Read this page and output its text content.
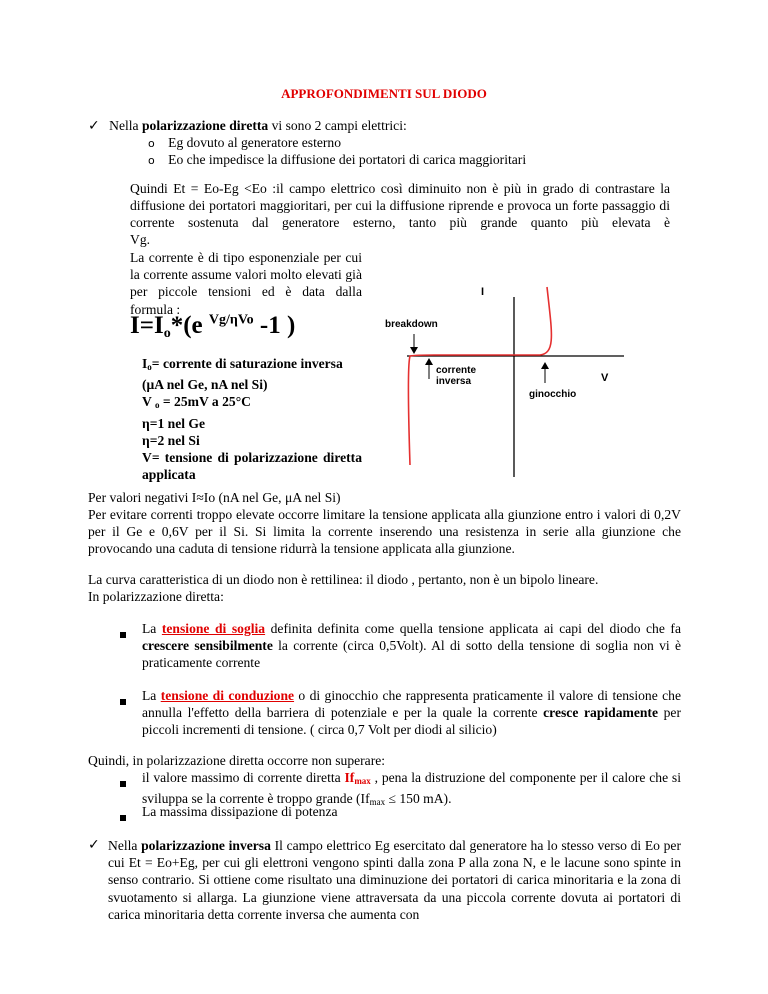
APPROFONDIMENTI SUL DIODO
✓ Nella polarizzazione diretta vi sono 2 campi elettrici:
o Eg dovuto al generatore esterno
o Eo che impedisce la diffusione dei portatori di carica maggioritari

Quindi Et = Eo-Eg <Eo :il campo elettrico così diminuito non è più in grado di contrastare la diffusione dei portatori maggioritari, per cui la diffusione riprende e provoca un forte passaggio di corrente sostenuta dal generatore esterno, tanto più grande quanto più elevata è

Vg.

La corrente è di tipo esponenziale per cui la corrente assume valori molto elevati già per piccole tensioni ed è data dalla formula :

I=Io*(e $^{Vg/\eta Vo}$ -1 )
$I_o=$ corrente di saturazione inversa
(μA nel Ge, nA nel Si)
V $_o$ = 25mV a 25°C
η=1 nel Ge
η=2 nel Si
V= tensione di polarizzazione diretta applicata
I
V
breakdown
corrente
inversa
ginocchio

Per valori negativi I≈Io (nA nel Ge, μA nel Si)

Per evitare correnti troppo elevate occorre limitare la tensione applicata alla giunzione entro i valori di 0,2V per il Ge e 0,6V per il Si. Si limita la corrente inserendo una resistenza in serie alla giunzione che provocando una caduta di tensione ridurrà la tensione applicata alla giunzione.

La curva caratteristica di un diodo non è rettilinea: il diodo , pertanto, non è un bipolo lineare.

In polarizzazione diretta:

La tensione di soglia definita definita come quella tensione applicata ai capi del diodo che fa crescere sensibilmente la corrente (circa 0,5Volt). Al di sotto della tensione di soglia non vi è praticamente corrente

La tensione di conduzione o di ginocchio che rappresenta praticamente il valore di tensione che annulla l'effetto della barriera di potenziale e per la quale la corrente cresce rapidamente per piccoli incrementi di tensione. ( circa 0,7 Volt per diodi al silicio)

Quindi, in polarizzazione diretta occorre non superare:

il valore massimo di corrente diretta $If_{max}$ , pena la distruzione del componente per il calore che si sviluppa se la corrente è troppo grande ($If_{max} \le 150$ mA).

La massima dissipazione di potenza

✓ Nella polarizzazione inversa Il campo elettrico Eg esercitato dal generatore ha lo stesso verso di Eo per cui Et = Eo+Eg, per cui gli elettroni vengono spinti dalla zona P alla zona N, e le lacune sono spinte in senso contrario. Si ottiene come risultato una diminuzione dei portatori di carica minoritaria e la zona di svuotamento si allarga. La giunzione viene attraversata da una piccola corrente dovuta ai portatori di carica minoritaria detta corrente inversa che aumenta con
